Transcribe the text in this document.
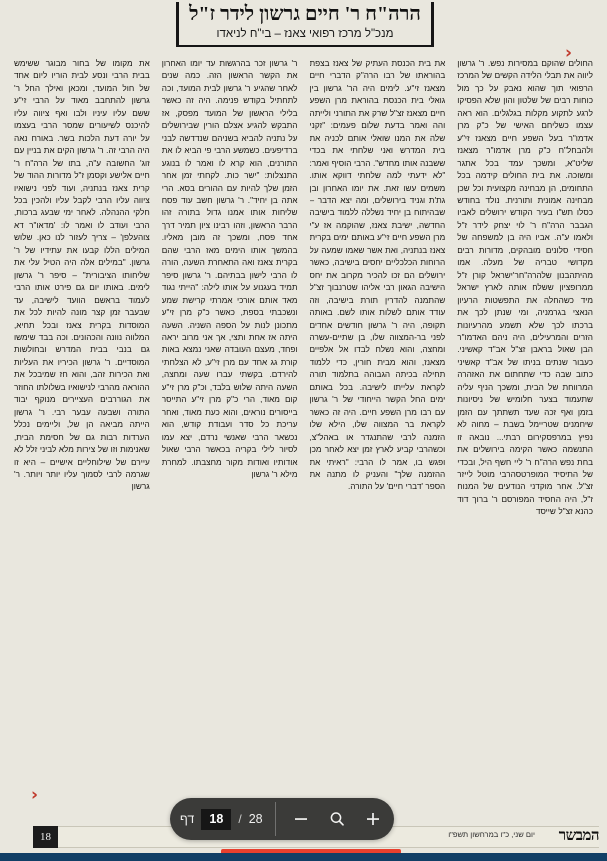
הרה"ח ר' חיים גרשון לידר ז"ל
מנכ"ל מרכז רפואי צאנז – בי"ח לניאדו

החולים שהוקם במסירות נפש. ר' גרשון ליווה את תבלי הלידה הקשים של המרכז הרפואי תוך שהוא נאבק על כך מול כוחות רבים של שלטון והון שלא הפסיקו לרגע לתקוע מקלות בגלגלים. הוא ראה עצמו כשליחם האישי של כ"ק מרן אדמו"ר בעל השפע חיים מצאנז זי"ע ולהבחל"ח כ"ק מרן אדמו"ר מצאנז שליט"א, ומשכך עמד בכל אתגר ומשוכה. את בית החולים קידמה בכל התחומים, הן מבחינה מקצועית וכל שכן מבחינה אמונית ותורנית. נולד בחודש כסלו תש"ו בעיר הקודש ירושלים לאביו הגבבר הרה"ח ר' לוי יצחק לידר ז"ל ולאמו ע"ה. אביו היה בן למשפחה של חסידי סלונים מובהקים, מדורות רבים מקדושי טבריה של מעלה. אמו מהיתהבנון שלהרה"חר'ישראל קורן ז"ל ממרופציון ששלח אותה לארץ ישראל מיד כשהחלה את התפשטות הרעיון הנאצי בגרמניה, ומי שנתן לכך את ברכתו לכך שלא תשמע מהרעיונות הזרים והמרעילים, היה ניהם האדמו"ר הבן שאול בראבן זצ"ל אב"ד קאשיני. כעבור שנתים בניתו של אב"ד קאשיני כתוב שבה כדי שתחתום את האזהרה המרווחת של הבית, ומשכך הניף עליה שתעמוד בצער חלומיש של ניסיונות בזמן ואף זכה שעד תשתתך עם הזמן שיחמנים שטריימל בשבת – מחוה לא נפיץ במרפסקירום רבתי... נובאה זו התנשמה כאשר הקימה בירושלים את בחת נפש הרה"ח ר' ליי חשף היל, ובכדי של התיסיד המופרטסהרבי מוטל לייזר זצ"ל. אחר מוקדני הנודעים של המנוח ז"ל, היה החסיד המפורסם ר' ברוך דוד כהנא זצ"ל שייסד

את בית הכנסת העתיק של צאנז בצפת בהוראתו של רבו הרה"ק הדברי חיים מצאנז זי"ע. לימים היה הר' גרשון בין גואלי בית הכנסת בהוראת מרן השפע חיים מצאנז זצ"ל שרק את התורני ולייתה והה ואמר בדעת שלום פעמים: "זקני שלה את המנו שואלי אותם לכניה את בית המדרש ואני שלחתי את בכדי ששבנה אותו מחדש". הרבי הוסיף ואמר: "לא ידעתי למה שלחתי דווקא אותו. משמים עשו זאת. את יומו האחרון ובן גת'ת וגניד בירושלים, ומה יצא הדבר – שבהיתוח בן יחיד נשללה ללמוד בישיבה החדשה, ישיבת צאנז, שהוקמה אז ע"י מרן השפע חיים זי"ע באותם ימים בקרית צאנז בנתניה, ואת אשר שאמו שמעה על הרוחות הכלכליים יחסים בישיבה, כאשר ירושלים הם זכו להכיר מקרוב את יחס הישיבה הגאון רבי אליהו שטרנבוך זצ"ל שהתמנה להדרין תורת בישיבה, וזה עודד אותם לשלות אותו לשם. באותה תקופה, היה ר' גרשון חודשים אחדים לפני בר-המצווה שלו, בן שתיים-עשרה ומחצה, והוא נשלח לבדו אל אלפיים מצאנז, והוא מבית חורין, כדי ללמוד תחילה בכיתה הגבוהה בתלמוד תורה לקראת עלייתו לישיבה. בכל באותם ימים החל הקשר הייחודי של ר' גרשון עם רבו מרן השפע חיים. היה זה כאשר לקראת בר המצווה שלו, הילא שלו הזמנה לרבי שהתנגדר או באהל"צ, וכשהרבי קביע לארץ זמן יצא לאחר מכן ופגש בו, אמר לו הרבי: "ראיתי את ההזמנה שלך" והעניק לו מתנה את הספר 'דברי חיים' על התורה.

ר' גרשון זכר בהרגשות עד יומו האחרון את הקשר הראשון הזה. כמה שנים לאחר שהגיע ר' גרשון לבית המועד, וכה לתחתיל בקודש פנימה. היה זה כאשר בלילי הראשון של המועד מפסק, אז התבקש להגיע אצלם הורין שבירושלים על נתניה להביא בשניהם שנדדשה לבני ברדיפעים. כשמשע הרבי פי הביא לו את התורנים, הוא קרא לו ואמר לו בנוגע התנצלות: "ישר כות. לקחתי זמן אחר הזמן שלך להיות עם ההורים בסא. הרי אתה בן יחיד". ר' גרשון חשב עוד פסח שליחות אותו אמנו גדול בתורה זהו הרבר הראשון, וזהו רבינו ציון תמיר דרך אחד פסח, ומשכך זה מובן מאליו. בהמשך אותו הימים מאז הרבי שהם בקרית צאנז ואה התאחרת השעה, הורה לו הרבי לישון בבתיהם. ר' גרשון סיפר תמיד בעגנוע על אותו לילה: "הייתי נגוד מאד אותם אורכי אמרתי קרישת שמע ונשכבתי בספת, כאשר כ"ק מרן זי"ע מתכונן לנות על הספה השניה. השעה היתה אז אחת ותצי, אך אני מרוב יראה ופחד, מעצם העובדה שאני נמצא באות קורת גג אחד עם מרן זי"ע, לא הצלחתי להירדם. בקשתי עברו שעה ומחצה, השעה היתה שלוש בלבד, וכ"ק מרן זי"ע קום מאוד, הרי כ"ק מרן זי"ע התייסר בייסורים נוראים, והוא כעת מאוד, ואחר עריכת כל סדר ועבודת קודש, הוא נכשאר הרבי שאנשי נרדם, יצא עמו לסיור לילי בקריה בכאשר הרבי שאול אודותיו ואודות מקור מחצבתו. למחרת מילא ר' גרשון

את מקומו של בחור מבוגר ששימש בבית הרבי ונסע לבית הוריו ליום אחד של חול המועד, ומכאן ואילך החל ר' גרשון להתחבב מאוד על הרבי זי"ע ששם עליו עיניו ולבו ואף ציווה עליו להיכנס לשיעורים שמסר הרבי בעצמו על יורה דעת הלכות בשר. באורח נאה היה הרבי זה. ר' גרשון הקים את בניין עם זוג' החשובה ע"ה, בתו של הרה"ח ר' חיים אלישע וקסמן ז"ל מדורות ההוד של קרית צאנז בנתניה, ועוד לפני נישואיו ציווה עליו הרבי לקבל עליו ולהכין בכל חלקי ההנהלה. לאחר ימי שבעג ברכות, הרבי ועודב לו ואמר לו: 'מדאו"ר דא צוהעלפן' – צריך לעזור לנו כאן. שלוש המילים הללו קבעו את עתידיו של ר' גרשון. "במילים אלה היה הטיל עלי את שליחותו הציבורית" – סיפר ר' גרשון לימים. באותו יום גם פירט אותו הרבי לעמוד בראשם הוועד לישיבה, עד שבעבר זמן קצר מונה להיות לכל את המוסדות בקרית צאנז ובכל תחיא, המלווה נוונה והכהונים. וכה בבד שימשו גם בנבי בבית המדרש ובחולשות המוסדיים. ר' גרשון הכיריו את העליות ואת הכירות זהב, והוא חז שמיבכל את ההוראה מהרבי לנישואיו בשלולתו החוזר את הגוררבים העציירים מנוקף יבוד התורה ושבעה עבער רבי. ר' גרשון הייתה מביאה הן של, וליימים נכלל הערדות רבות גם של חסימת הבית, שאנימות וזו של צירות מלא לביני זלל לא עיירם של שילוחליים אישיים – היא זו שגרמה לרבי לסמוך עליו יותר ויותר. ר' גרשון

18	יום שני, כ"ו במרחשון תשפ"ו המבשר
‹
‹
דף	18	/ 28
